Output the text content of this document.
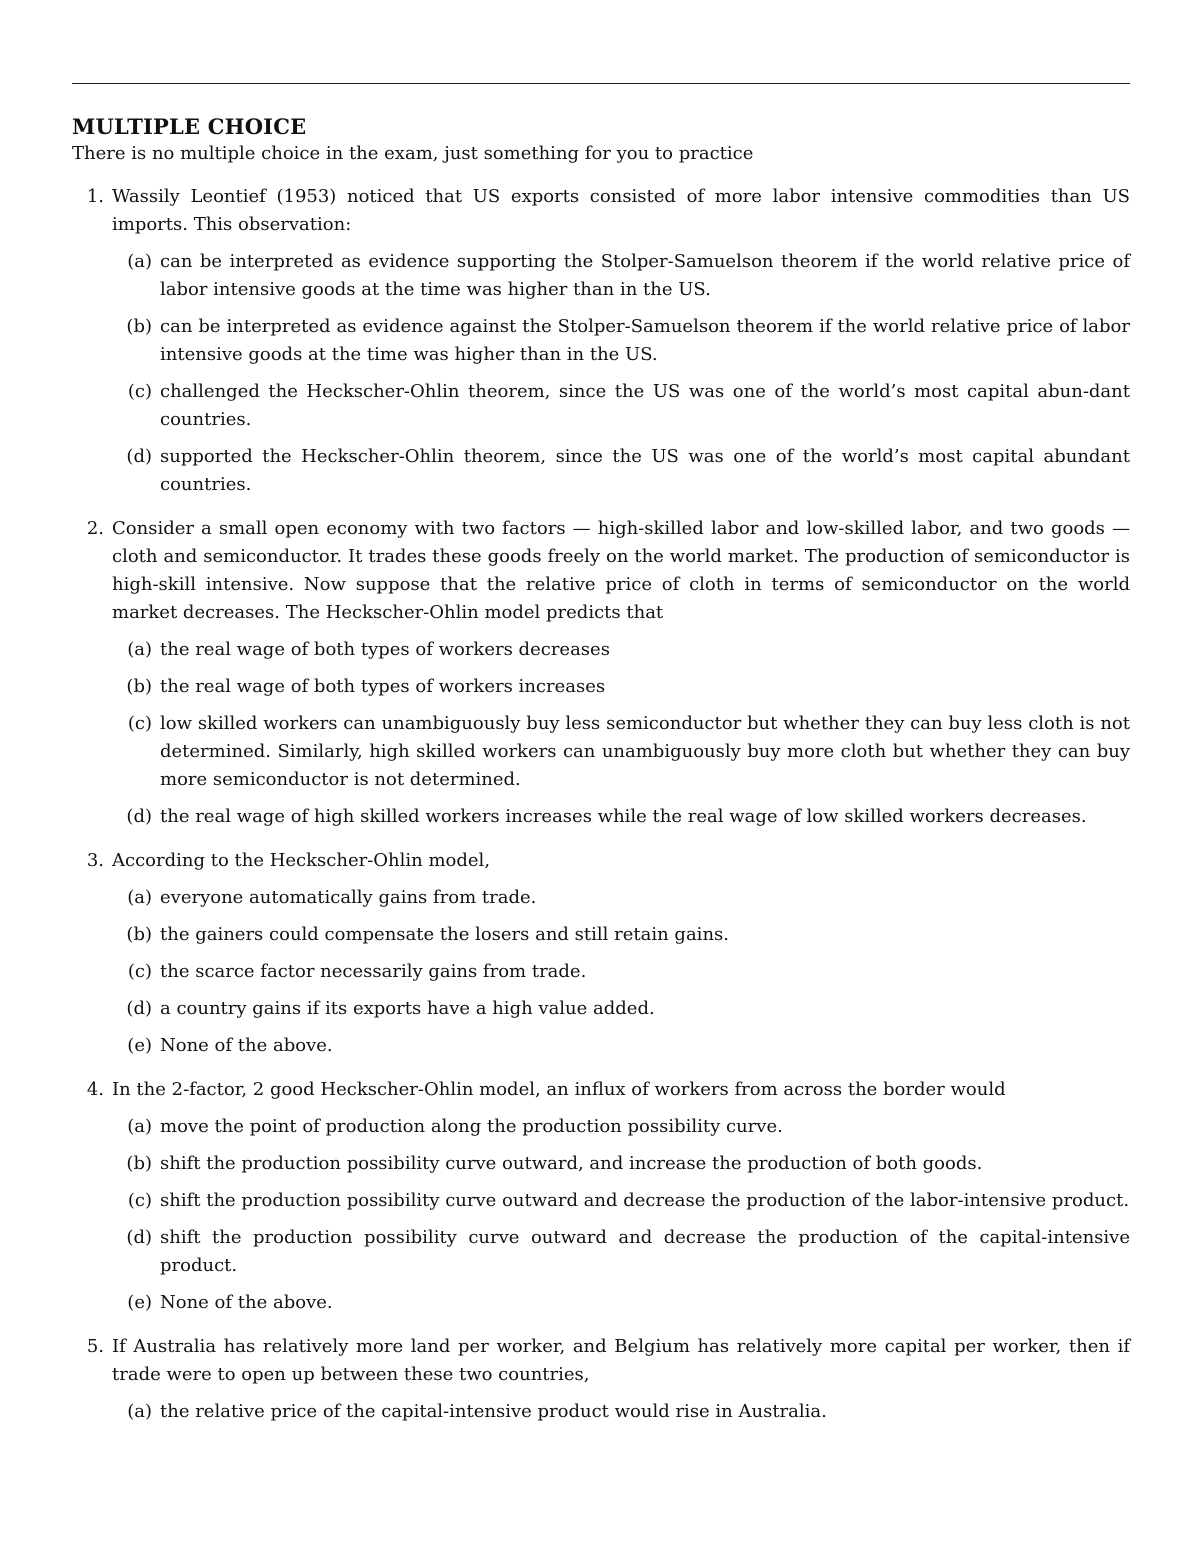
MULTIPLE CHOICE
There is no multiple choice in the exam, just something for you to practice
1. Wassily Leontief (1953) noticed that US exports consisted of more labor intensive commodities than US imports. This observation:
(a) can be interpreted as evidence supporting the Stolper-Samuelson theorem if the world relative price of labor intensive goods at the time was higher than in the US.
(b) can be interpreted as evidence against the Stolper-Samuelson theorem if the world relative price of labor intensive goods at the time was higher than in the US.
(c) challenged the Heckscher-Ohlin theorem, since the US was one of the world’s most capital abun-dant countries.
(d) supported the Heckscher-Ohlin theorem, since the US was one of the world’s most capital abundant countries.
2. Consider a small open economy with two factors — high-skilled labor and low-skilled labor, and two goods — cloth and semiconductor. It trades these goods freely on the world market. The production of semiconductor is high-skill intensive. Now suppose that the relative price of cloth in terms of semiconductor on the world market decreases. The Heckscher-Ohlin model predicts that
(a) the real wage of both types of workers decreases
(b) the real wage of both types of workers increases
(c) low skilled workers can unambiguously buy less semiconductor but whether they can buy less cloth is not determined. Similarly, high skilled workers can unambiguously buy more cloth but whether they can buy more semiconductor is not determined.
(d) the real wage of high skilled workers increases while the real wage of low skilled workers decreases.
3. According to the Heckscher-Ohlin model,
(a) everyone automatically gains from trade.
(b) the gainers could compensate the losers and still retain gains.
(c) the scarce factor necessarily gains from trade.
(d) a country gains if its exports have a high value added.
(e) None of the above.
4. In the 2-factor, 2 good Heckscher-Ohlin model, an influx of workers from across the border would
(a) move the point of production along the production possibility curve.
(b) shift the production possibility curve outward, and increase the production of both goods.
(c) shift the production possibility curve outward and decrease the production of the labor-intensive product.
(d) shift the production possibility curve outward and decrease the production of the capital-intensive product.
(e) None of the above.
5. If Australia has relatively more land per worker, and Belgium has relatively more capital per worker, then if trade were to open up between these two countries,
(a) the relative price of the capital-intensive product would rise in Australia.
